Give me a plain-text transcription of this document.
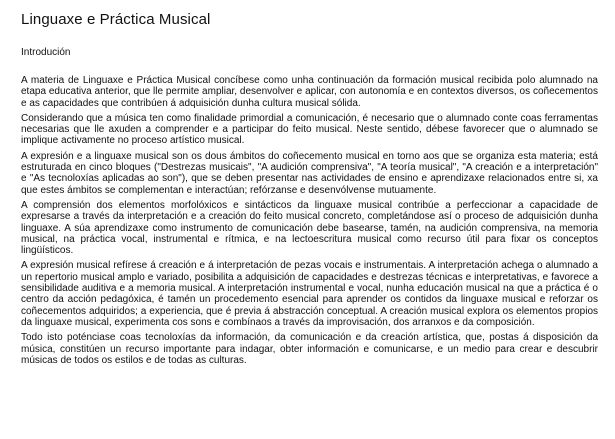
Linguaxe e Práctica Musical
Introdución

A materia de Linguaxe e Práctica Musical concíbese como unha continuación da formación musical recibida polo alumnado na etapa educativa anterior, que lle permite ampliar, desenvolver e aplicar, con autonomía e en contextos diversos, os coñecementos e as capacidades que contribúen á adquisición dunha cultura musical sólida.

Considerando que a música ten como finalidade primordial a comunicación, é necesario que o alumnado conte coas ferramentas necesarias que lle axuden a comprender e a participar do feito musical. Neste sentido, débese favorecer que o alumnado se implique activamente no proceso artístico musical.

A expresión e a linguaxe musical son os dous ámbitos do coñecemento musical en torno aos que se organiza esta materia; está estruturada en cinco bloques ("Destrezas musicais", "A audición comprensiva", "A teoría musical", "A creación e a interpretación" e "As tecnoloxías aplicadas ao son"), que se deben presentar nas actividades de ensino e aprendizaxe relacionados entre si, xa que estes ámbitos se complementan e interactúan; refórzanse e desenvólvense mutuamente.

A comprensión dos elementos morfolóxicos e sintácticos da linguaxe musical contribúe a perfeccionar a capacidade de expresarse a través da interpretación e a creación do feito musical concreto, completándose así o proceso de adquisición dunha linguaxe. A súa aprendizaxe como instrumento de comunicación debe basearse, tamén, na audición comprensiva, na memoria musical, na práctica vocal, instrumental e rítmica, e na lectoescritura musical como recurso útil para fixar os conceptos lingüísticos.

A expresión musical refírese á creación e á interpretación de pezas vocais e instrumentais. A interpretación achega o alumnado a un repertorio musical amplo e variado, posibilita a adquisición de capacidades e destrezas técnicas e interpretativas, e favorece a sensibilidade auditiva e a memoria musical. A interpretación instrumental e vocal, nunha educación musical na que a práctica é o centro da acción pedagóxica, é tamén un procedemento esencial para aprender os contidos da linguaxe musical e reforzar os coñecementos adquiridos; a experiencia, que é previa á abstracción conceptual. A creación musical explora os elementos propios da linguaxe musical, experimenta cos sons e combínaos a través da improvisación, dos arranxos e da composición.

Todo isto poténciase coas tecnoloxías da información, da comunicación e da creación artística, que, postas á disposición da música, constitúen un recurso importante para indagar, obter información e comunicarse, e un medio para crear e descubrir músicas de todos os estilos e de todas as culturas.
